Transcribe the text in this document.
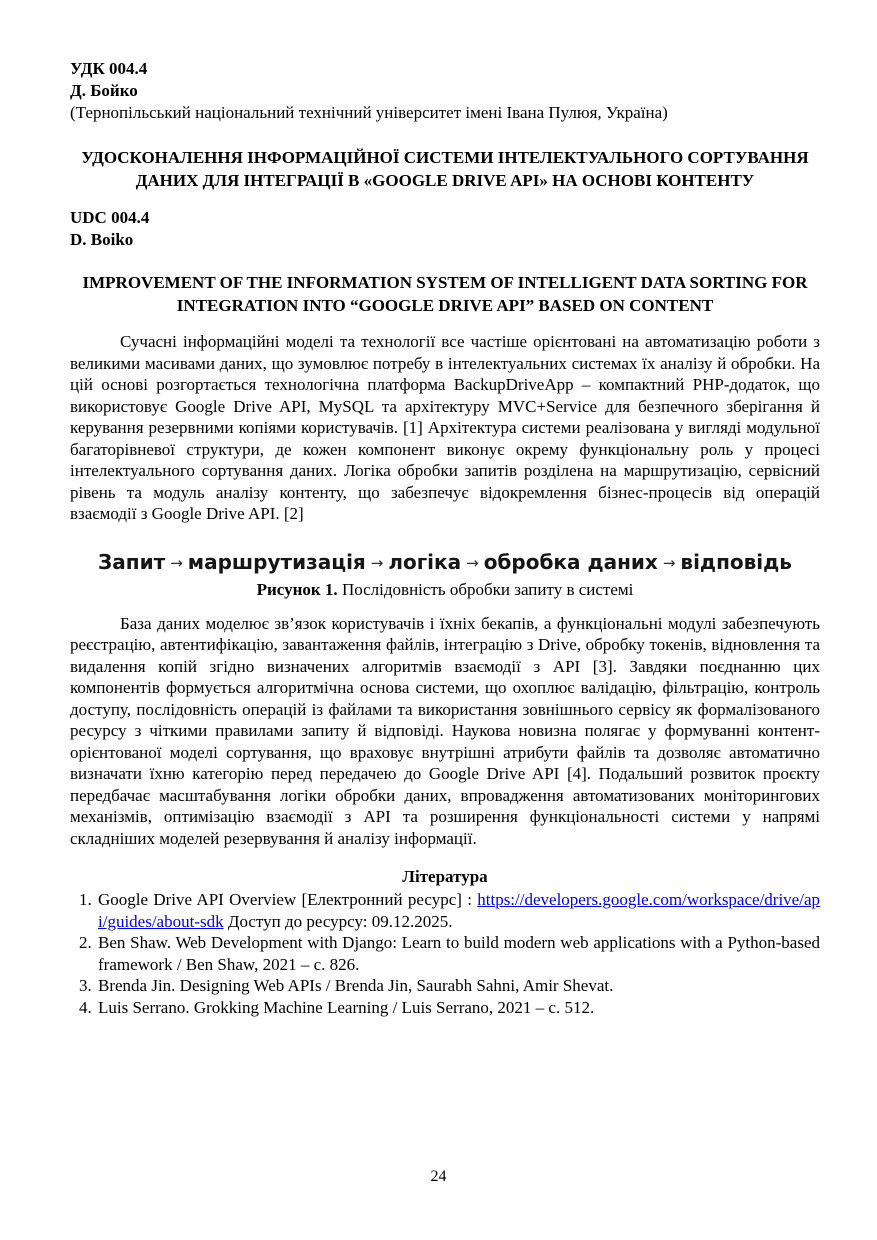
УДК 004.4
Д. Бойко
(Тернопільський національний технічний університет імені Івана Пулюя, Україна)
УДОСКОНАЛЕННЯ ІНФОРМАЦІЙНОЇ СИСТЕМИ ІНТЕЛЕКТУАЛЬНОГО СОРТУВАННЯ ДАНИХ ДЛЯ ІНТЕГРАЦІЇ В «GOOGLE DRIVE API» НА ОСНОВІ КОНТЕНТУ
UDC 004.4
D. Boiko
IMPROVEMENT OF THE INFORMATION SYSTEM OF INTELLIGENT DATA SORTING FOR INTEGRATION INTO “GOOGLE DRIVE API” BASED ON CONTENT

Сучасні інформаційні моделі та технології все частіше орієнтовані на автоматизацію роботи з великими масивами даних, що зумовлює потребу в інтелектуальних системах їх аналізу й обробки. На цій основі розгортається технологічна платформа BackupDriveApp – компактний PHP-додаток, що використовує Google Drive API, MySQL та архітектуру MVC+Service для безпечного зберігання й керування резервними копіями користувачів. [1] Архітектура системи реалізована у вигляді модульної багаторівневої структури, де кожен компонент виконує окрему функціональну роль у процесі інтелектуального сортування даних. Логіка обробки запитів розділена на маршрутизацію, сервісний рівень та модуль аналізу контенту, що забезпечує відокремлення бізнес-процесів від операцій взаємодії з Google Drive API. [2]

Запит → маршрутизація → логіка → обробка даних → відповідь
Рисунок 1. Послідовність обробки запиту в системі

База даних моделює зв’язок користувачів і їхніх бекапів, а функціональні модулі забезпечують реєстрацію, автентифікацію, завантаження файлів, інтеграцію з Drive, обробку токенів, відновлення та видалення копій згідно визначених алгоритмів взаємодії з API [3]. Завдяки поєднанню цих компонентів формується алгоритмічна основа системи, що охоплює валідацію, фільтрацію, контроль доступу, послідовність операцій із файлами та використання зовнішнього сервісу як формалізованого ресурсу з чіткими правилами запиту й відповіді. Наукова новизна полягає у формуванні контент-орієнтованої моделі сортування, що враховує внутрішні атрибути файлів та дозволяє автоматично визначати їхню категорію перед передачею до Google Drive API [4]. Подальший розвиток проєкту передбачає масштабування логіки обробки даних, впровадження автоматизованих моніторингових механізмів, оптимізацію взаємодії з API та розширення функціональності системи у напрямі складніших моделей резервування й аналізу інформації.

Література
1. Google Drive API Overview [Електронний ресурс] : https://developers.google.com/workspace/drive/api/guides/about-sdk Доступ до ресурсу: 09.12.2025.
2. Ben Shaw. Web Development with Django: Learn to build modern web applications with a Python-based framework / Ben Shaw, 2021 – с. 826.
3. Brenda Jin. Designing Web APIs / Brenda Jin, Saurabh Sahni, Amir Shevat.
4. Luis Serrano. Grokking Machine Learning / Luis Serrano, 2021 – с. 512.
24
